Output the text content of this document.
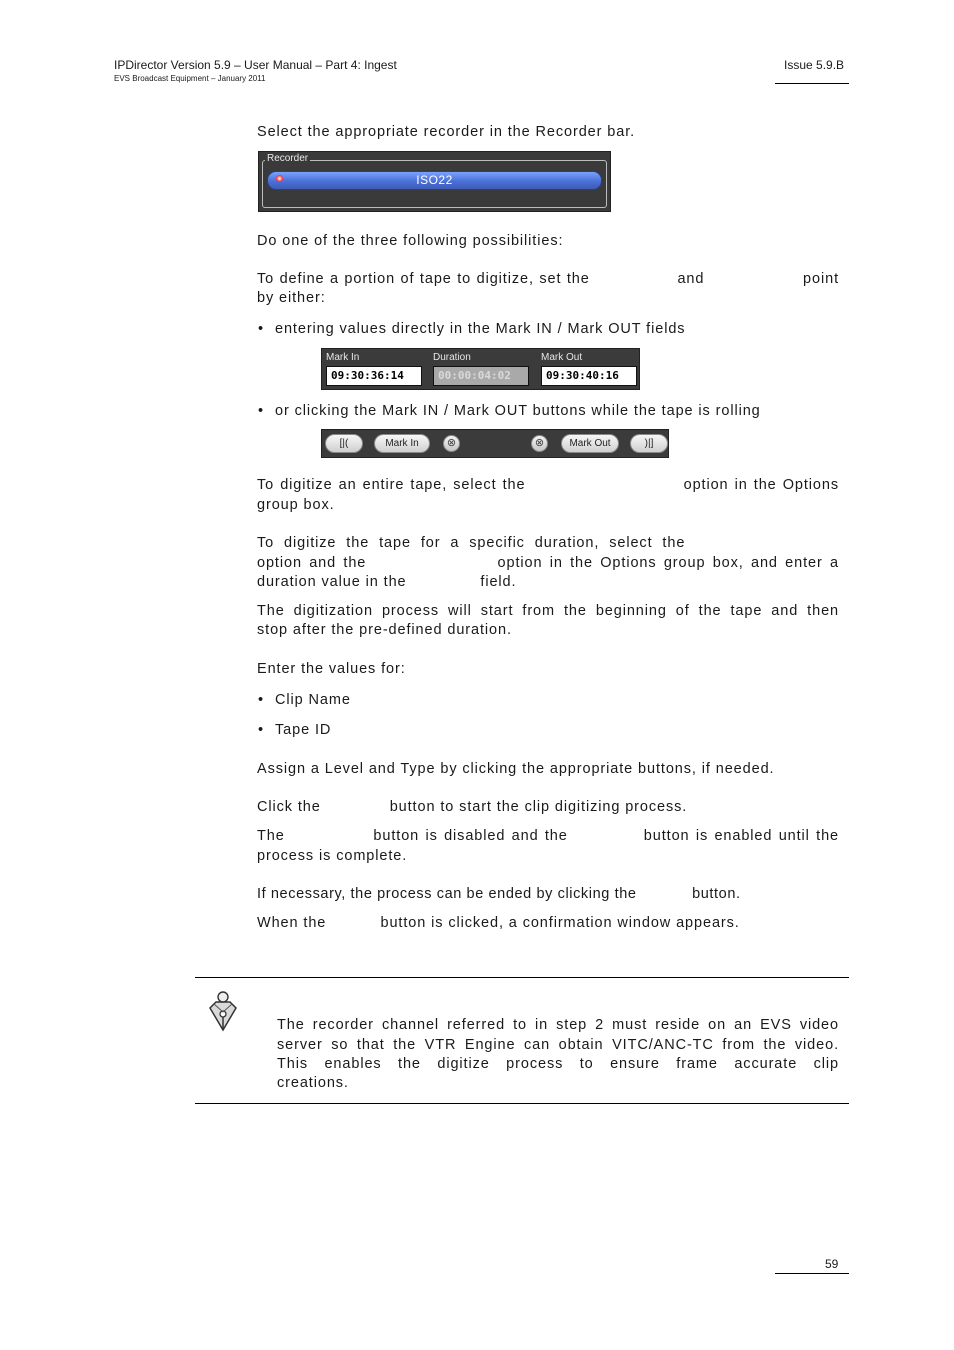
IPDirector Version 5.9 – User Manual – Part 4: Ingest
EVS Broadcast Equipment – January 2011
Issue 5.9.B
Select the appropriate recorder in the Recorder bar.
Recorder
ISO22
Do one of the three following possibilities:
To define a portion of tape to digitize, set the                and                  point
by either:
• entering values directly in the Mark IN / Mark OUT fields
Mark In
09:30:36:14
Duration
00:00:04:02
Mark Out
09:30:40:16
• or clicking the Mark IN / Mark OUT buttons while the tape is rolling
[|(	Mark In	⊗	⊗	Mark Out	)|]
To digitize an entire tape, select the                          option in the Options
group box.
To digitize the tape for a specific duration, select the
option and the                  option in the Options group box, and enter a
duration value in the               field.
The digitization process will start from the beginning of the tape and then
stop after the pre-defined duration.
Enter the values for:
• Clip Name
• Tape ID
Assign a Level and Type by clicking the appropriate buttons, if needed.
Click the              button to start the clip digitizing process.
The              button is disabled and the            button is enabled until the
process is complete.
If necessary, the process can be ended by clicking the            button.
When the           button is clicked, a confirmation window appears.
The recorder channel referred to in step 2 must reside on an EVS video
server so that the VTR Engine can obtain VITC/ANC-TC from the video.
This enables the digitize process to ensure frame accurate clip
creations.
59
